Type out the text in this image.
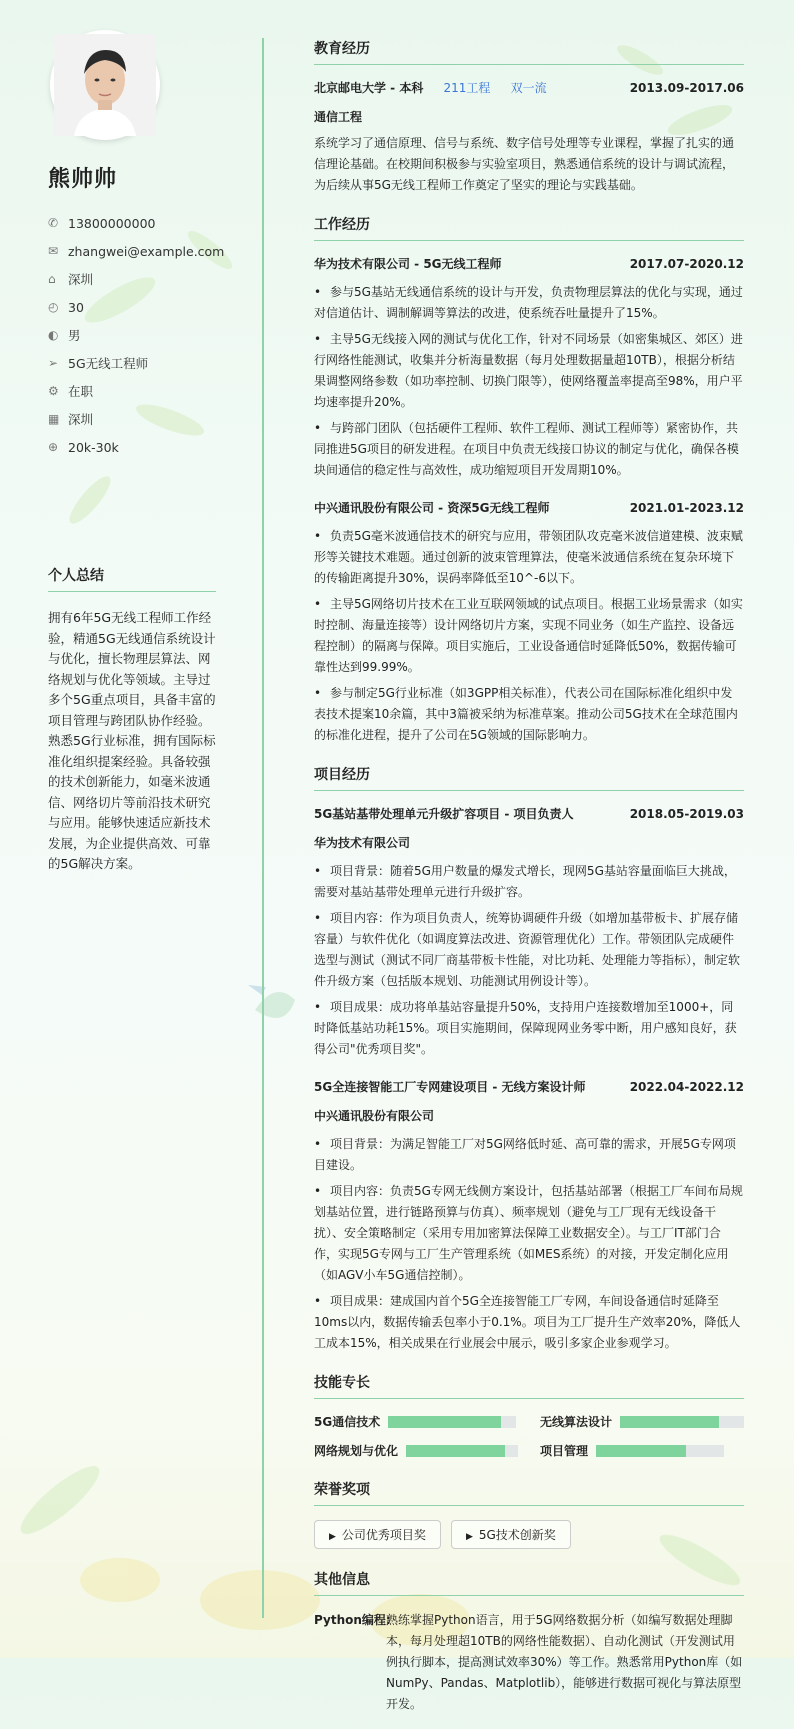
熊帅帅
✆ 13800000000
✉ zhangwei@example.com
⌂ 深圳
◴ 30
◐ 男
➢ 5G无线工程师
⚙ 在职
▦ 深圳
⊕ 20k-30k
个人总结
拥有6年5G无线工程师工作经验，精通5G无线通信系统设计与优化，擅长物理层算法、网络规划与优化等领域。主导过多个5G重点项目，具备丰富的项目管理与跨团队协作经验。熟悉5G行业标准，拥有国际标准化组织提案经验。具备较强的技术创新能力，如毫米波通信、网络切片等前沿技术研究与应用。能够快速适应新技术发展，为企业提供高效、可靠的5G解决方案。
教育经历
北京邮电大学 - 本科 211工程 双一流	2013.09-2017.06
通信工程
系统学习了通信原理、信号与系统、数字信号处理等专业课程，掌握了扎实的通信理论基础。在校期间积极参与实验室项目，熟悉通信系统的设计与调试流程，为后续从事5G无线工程师工作奠定了坚实的理论与实践基础。
工作经历
华为技术有限公司 - 5G无线工程师	2017.07-2020.12
• 参与5G基站无线通信系统的设计与开发，负责物理层算法的优化与实现，通过对信道估计、调制解调等算法的改进，使系统吞吐量提升了15%。
• 主导5G无线接入网的测试与优化工作，针对不同场景（如密集城区、郊区）进行网络性能测试，收集并分析海量数据（每月处理数据量超10TB），根据分析结果调整网络参数（如功率控制、切换门限等），使网络覆盖率提高至98%，用户平均速率提升20%。
• 与跨部门团队（包括硬件工程师、软件工程师、测试工程师等）紧密协作，共同推进5G项目的研发进程。在项目中负责无线接口协议的制定与优化，确保各模块间通信的稳定性与高效性，成功缩短项目开发周期10%。
中兴通讯股份有限公司 - 资深5G无线工程师	2021.01-2023.12
• 负责5G毫米波通信技术的研究与应用，带领团队攻克毫米波信道建模、波束赋形等关键技术难题。通过创新的波束管理算法，使毫米波通信系统在复杂环境下的传输距离提升30%，误码率降低至10^-6以下。
• 主导5G网络切片技术在工业互联网领域的试点项目。根据工业场景需求（如实时控制、海量连接等）设计网络切片方案，实现不同业务（如生产监控、设备远程控制）的隔离与保障。项目实施后，工业设备通信时延降低50%，数据传输可靠性达到99.99%。
• 参与制定5G行业标准（如3GPP相关标准），代表公司在国际标准化组织中发表技术提案10余篇，其中3篇被采纳为标准草案。推动公司5G技术在全球范围内的标准化进程，提升了公司在5G领域的国际影响力。
项目经历
5G基站基带处理单元升级扩容项目 - 项目负责人	2018.05-2019.03
华为技术有限公司
• 项目背景：随着5G用户数量的爆发式增长，现网5G基站容量面临巨大挑战，需要对基站基带处理单元进行升级扩容。
• 项目内容：作为项目负责人，统筹协调硬件升级（如增加基带板卡、扩展存储容量）与软件优化（如调度算法改进、资源管理优化）工作。带领团队完成硬件选型与测试（测试不同厂商基带板卡性能，对比功耗、处理能力等指标），制定软件升级方案（包括版本规划、功能测试用例设计等）。
• 项目成果：成功将单基站容量提升50%，支持用户连接数增加至1000+，同时降低基站功耗15%。项目实施期间，保障现网业务零中断，用户感知良好，获得公司"优秀项目奖"。
5G全连接智能工厂专网建设项目 - 无线方案设计师	2022.04-2022.12
中兴通讯股份有限公司
• 项目背景：为满足智能工厂对5G网络低时延、高可靠的需求，开展5G专网项目建设。
• 项目内容：负责5G专网无线侧方案设计，包括基站部署（根据工厂车间布局规划基站位置，进行链路预算与仿真）、频率规划（避免与工厂现有无线设备干扰）、安全策略制定（采用专用加密算法保障工业数据安全）。与工厂IT部门合作，实现5G专网与工厂生产管理系统（如MES系统）的对接，开发定制化应用（如AGV小车5G通信控制）。
• 项目成果：建成国内首个5G全连接智能工厂专网，车间设备通信时延降至10ms以内，数据传输丢包率小于0.1%。项目为工厂提升生产效率20%，降低人工成本15%，相关成果在行业展会中展示，吸引多家企业参观学习。
技能专长
5G通信技术	无线算法设计
网络规划与优化	项目管理
荣誉奖项
▶ 公司优秀项目奖	▶ 5G技术创新奖
其他信息
Python编程:
熟练掌握Python语言，用于5G网络数据分析（如编写数据处理脚本，每月处理超10TB的网络性能数据）、自动化测试（开发测试用例执行脚本，提高测试效率30%）等工作。熟悉常用Python库（如NumPy、Pandas、Matplotlib），能够进行数据可视化与算法原型开发。
